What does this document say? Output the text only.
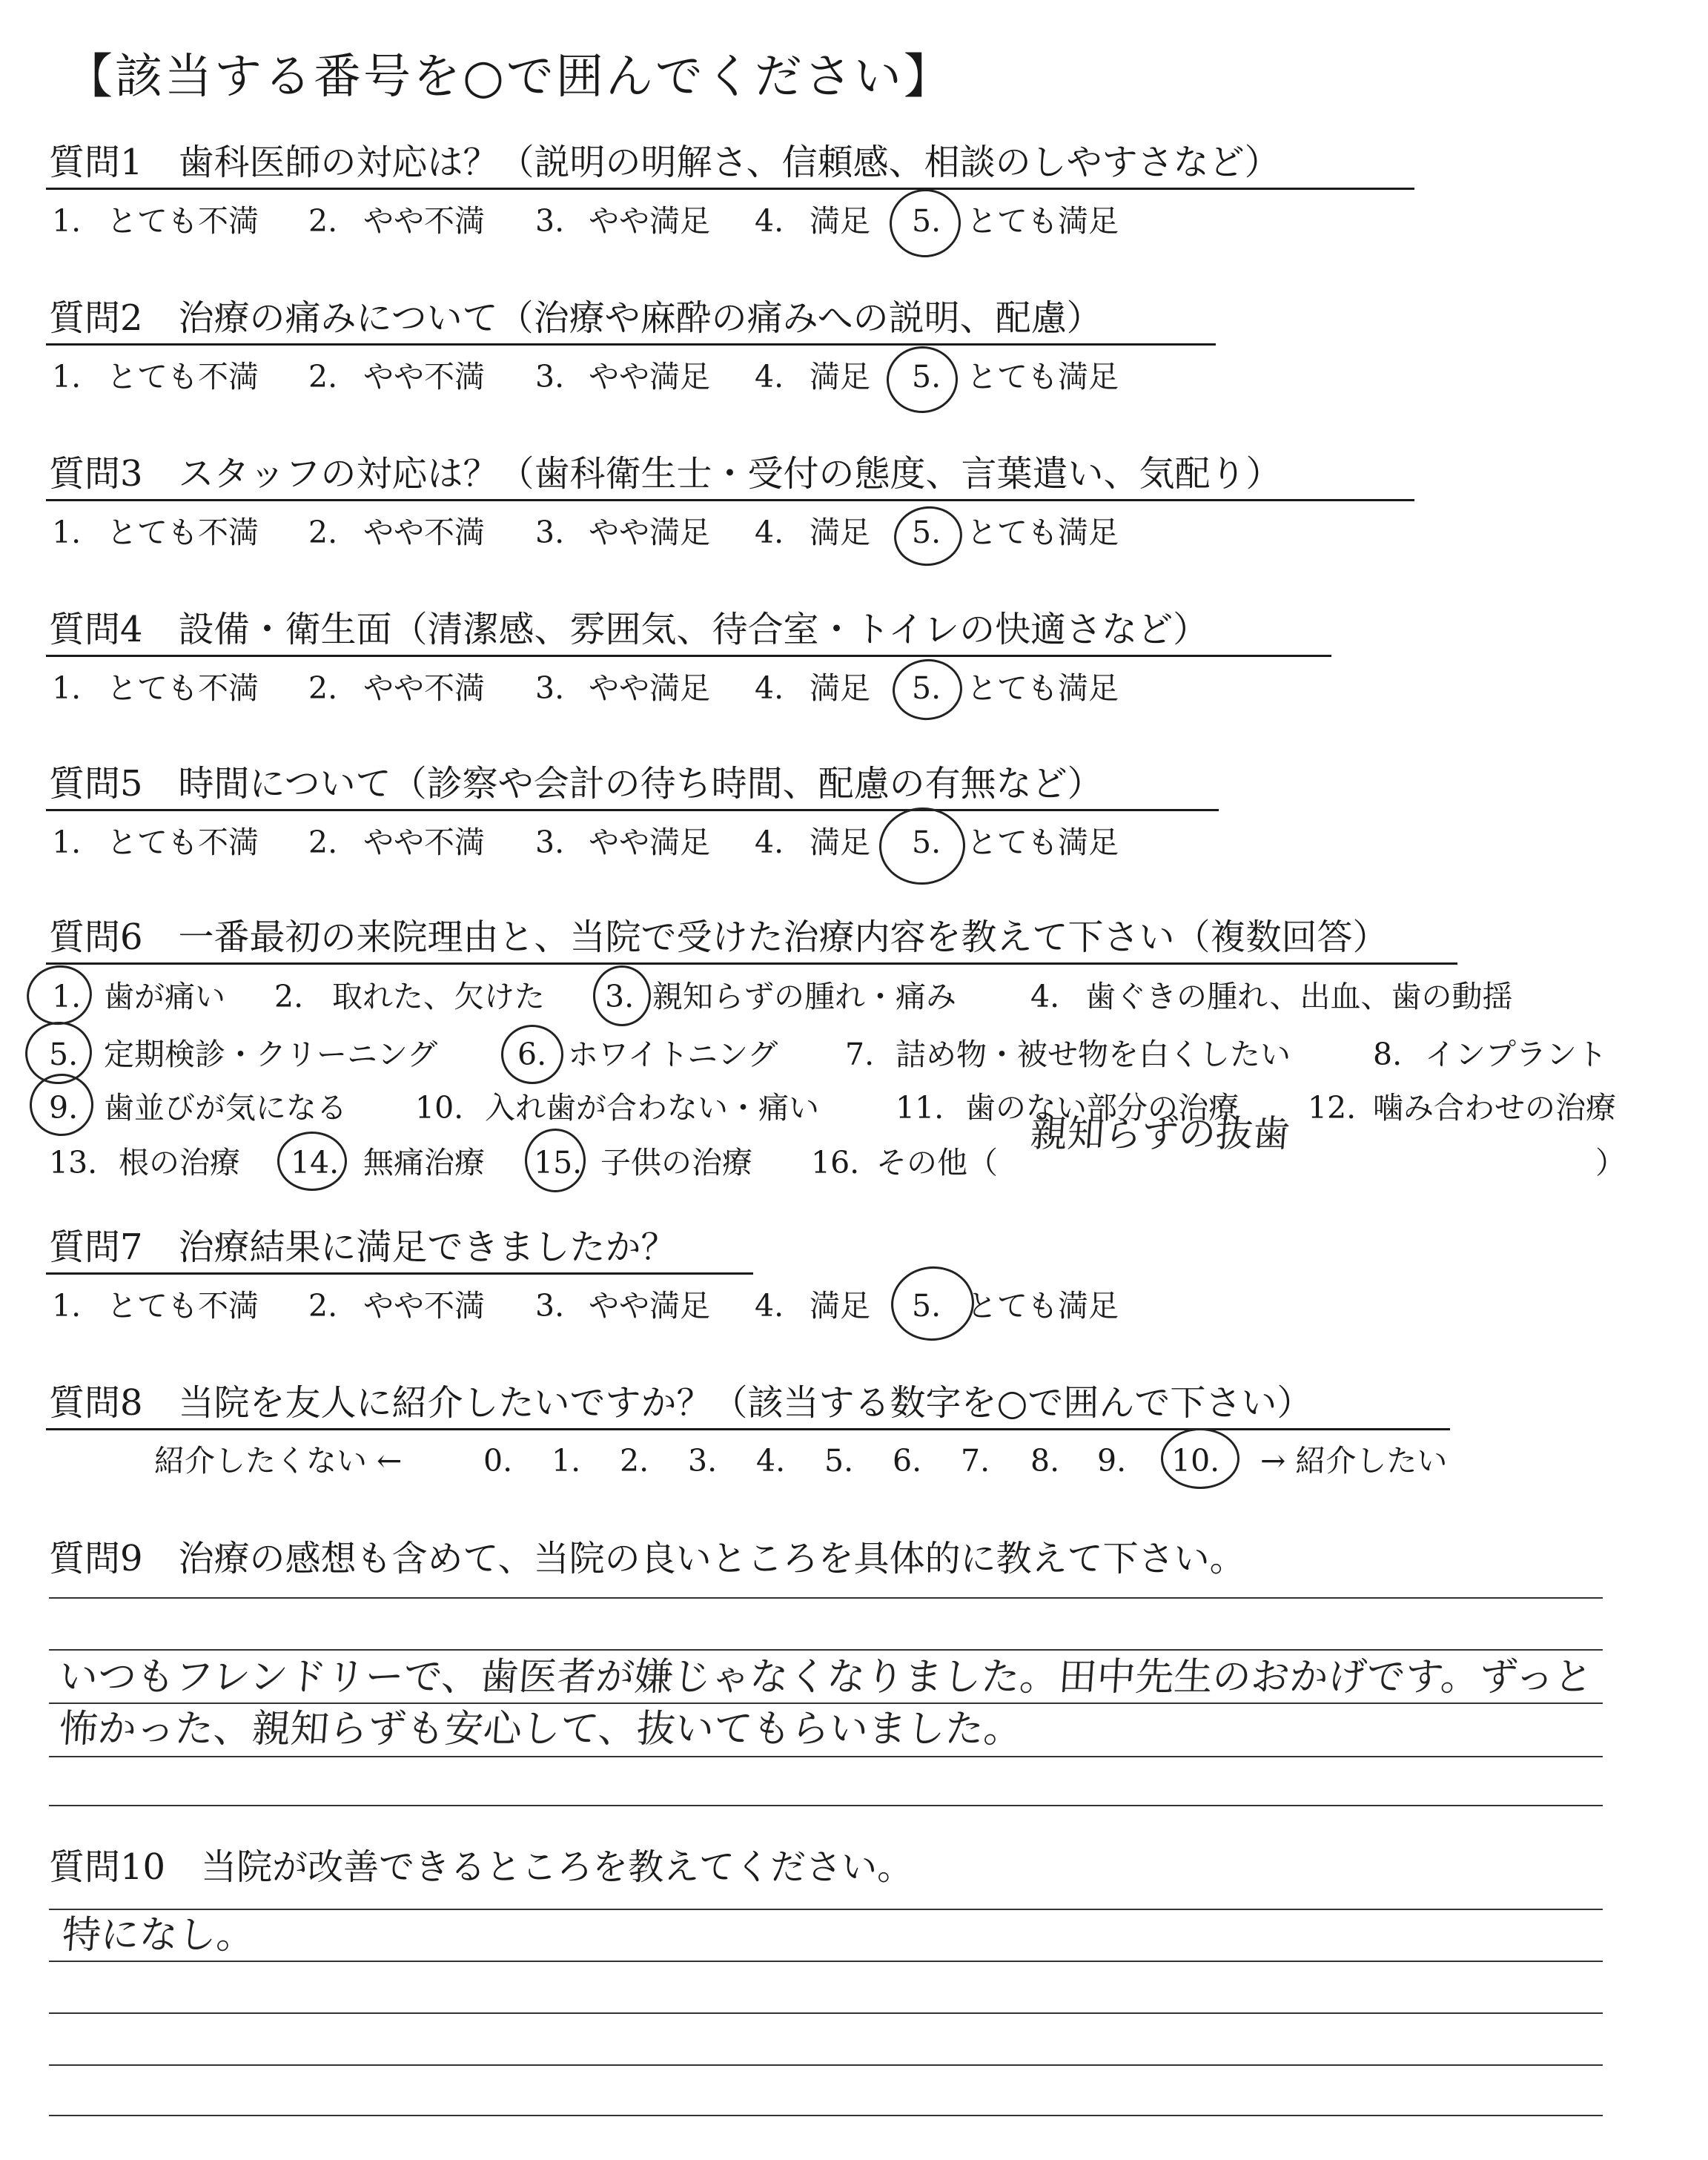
【該当する番号を○で囲んでください】
質問1　歯科医師の対応は？（説明の明解さ、信頼感、相談のしやすさなど）
1. とても不満 2. やや不満 3. やや満足 4. 満足 5. とても満足
質問2　治療の痛みについて（治療や麻酔の痛みへの説明、配慮）
1. とても不満 2. やや不満 3. やや満足 4. 満足 5. とても満足
質問3　スタッフの対応は？（歯科衛生士・受付の態度、言葉遣い、気配り）
1. とても不満 2. やや不満 3. やや満足 4. 満足 5. とても満足
質問4　設備・衛生面（清潔感、雰囲気、待合室・トイレの快適さなど）
1. とても不満 2. やや不満 3. やや満足 4. 満足 5. とても満足
質問5　時間について（診察や会計の待ち時間、配慮の有無など）
1. とても不満 2. やや不満 3. やや満足 4. 満足 5. とても満足
質問6　一番最初の来院理由と、当院で受けた治療内容を教えて下さい（複数回答）
1. 歯が痛い 2. 取れた、欠けた 3. 親知らずの腫れ・痛み 4. 歯ぐきの腫れ、出血、歯の動揺
5. 定期検診・クリーニング	6. ホワイトニング 7. 詰め物・被せ物を白くしたい	8. インプラント
9. 歯並びが気になる 10. 入れ歯が合わない・痛い	11. 歯のない部分の治療 12. 噛み合わせの治療
13. 根の治療 14. 無痛治療 15. 子供の治療 16. その他（
親知らずの抜歯
）
質問7　治療結果に満足できましたか？
1. とても不満 2. やや不満 3. やや満足 4. 満足 5. とても満足
質問8　当院を友人に紹介したいですか？（該当する数字を○で囲んで下さい）
紹介したくない ←	0. 1. 2. 3. 4. 5. 6. 7. 8. 9. 10. → 紹介したい
質問9　治療の感想も含めて、当院の良いところを具体的に教えて下さい。
いつもフレンドリーで、歯医者が嫌じゃなくなりました。田中先生のおかげです。ずっと
怖かった、親知らずも安心して、抜いてもらいました。
質問10　当院が改善できるところを教えてください。
特になし。
